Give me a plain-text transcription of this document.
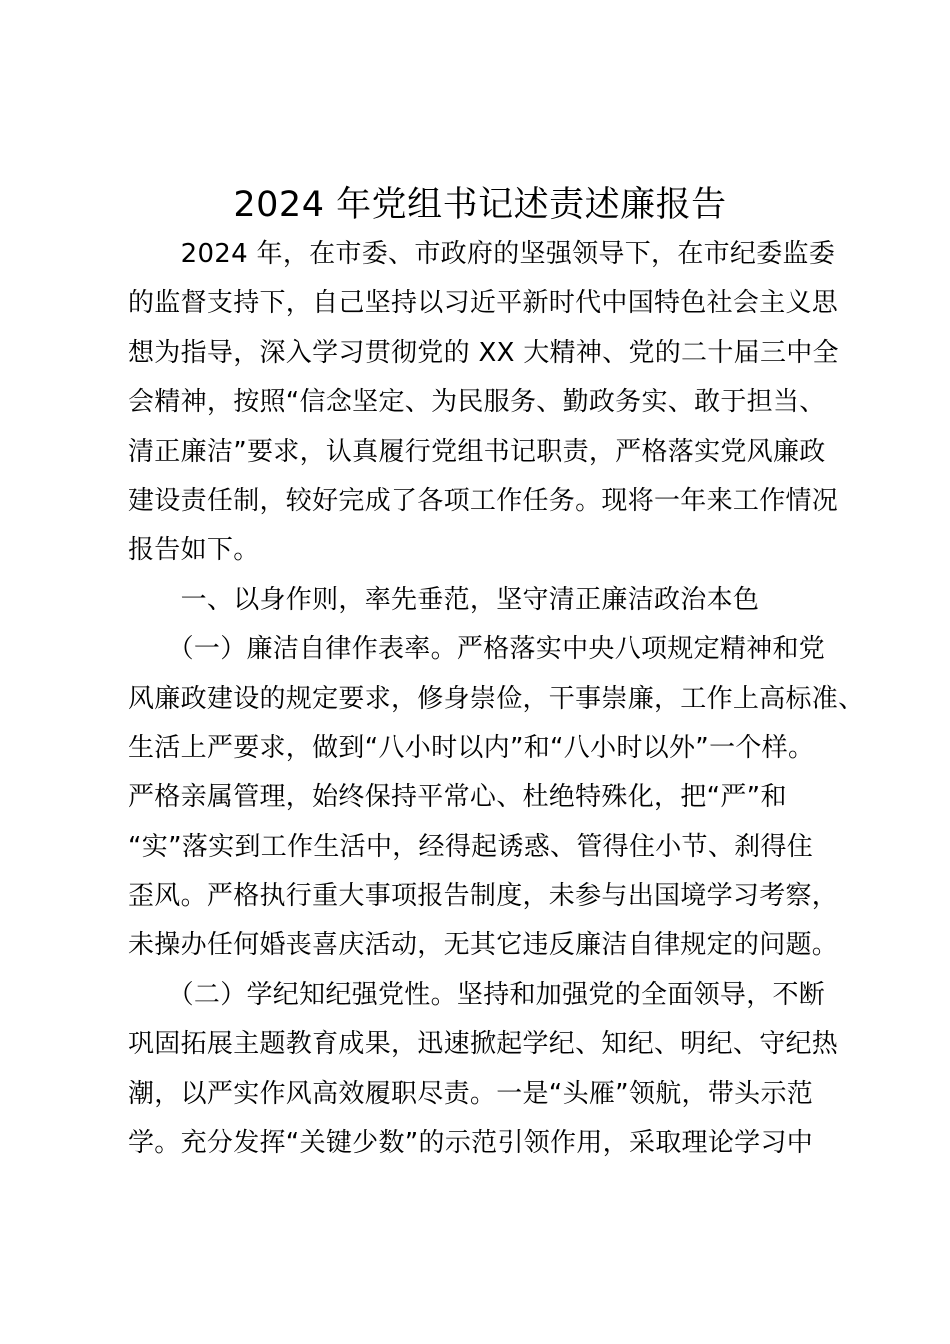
2024 年党组书记述责述廉报告
　　2024 年，在市委、市政府的坚强领导下，在市纪委监委
的监督支持下，自己坚持以习近平新时代中国特色社会主义思
想为指导，深入学习贯彻党的 XX 大精神、党的二十届三中全
会精神，按照“信念坚定、为民服务、勤政务实、敢于担当、
清正廉洁”要求，认真履行党组书记职责，严格落实党风廉政
建设责任制，较好完成了各项工作任务。现将一年来工作情况
报告如下。
　　一、以身作则，率先垂范，坚守清正廉洁政治本色
　　（一）廉洁自律作表率。严格落实中央八项规定精神和党
风廉政建设的规定要求，修身崇俭，干事崇廉，工作上高标准、
生活上严要求，做到“八小时以内”和“八小时以外”一个样。
严格亲属管理，始终保持平常心、杜绝特殊化，把“严”和
“实”落实到工作生活中，经得起诱惑、管得住小节、刹得住
歪风。严格执行重大事项报告制度，未参与出国境学习考察，
未操办任何婚丧喜庆活动，无其它违反廉洁自律规定的问题。
　　（二）学纪知纪强党性。坚持和加强党的全面领导，不断
巩固拓展主题教育成果，迅速掀起学纪、知纪、明纪、守纪热
潮，以严实作风高效履职尽责。一是“头雁”领航，带头示范
学。充分发挥“关键少数”的示范引领作用，采取理论学习中
